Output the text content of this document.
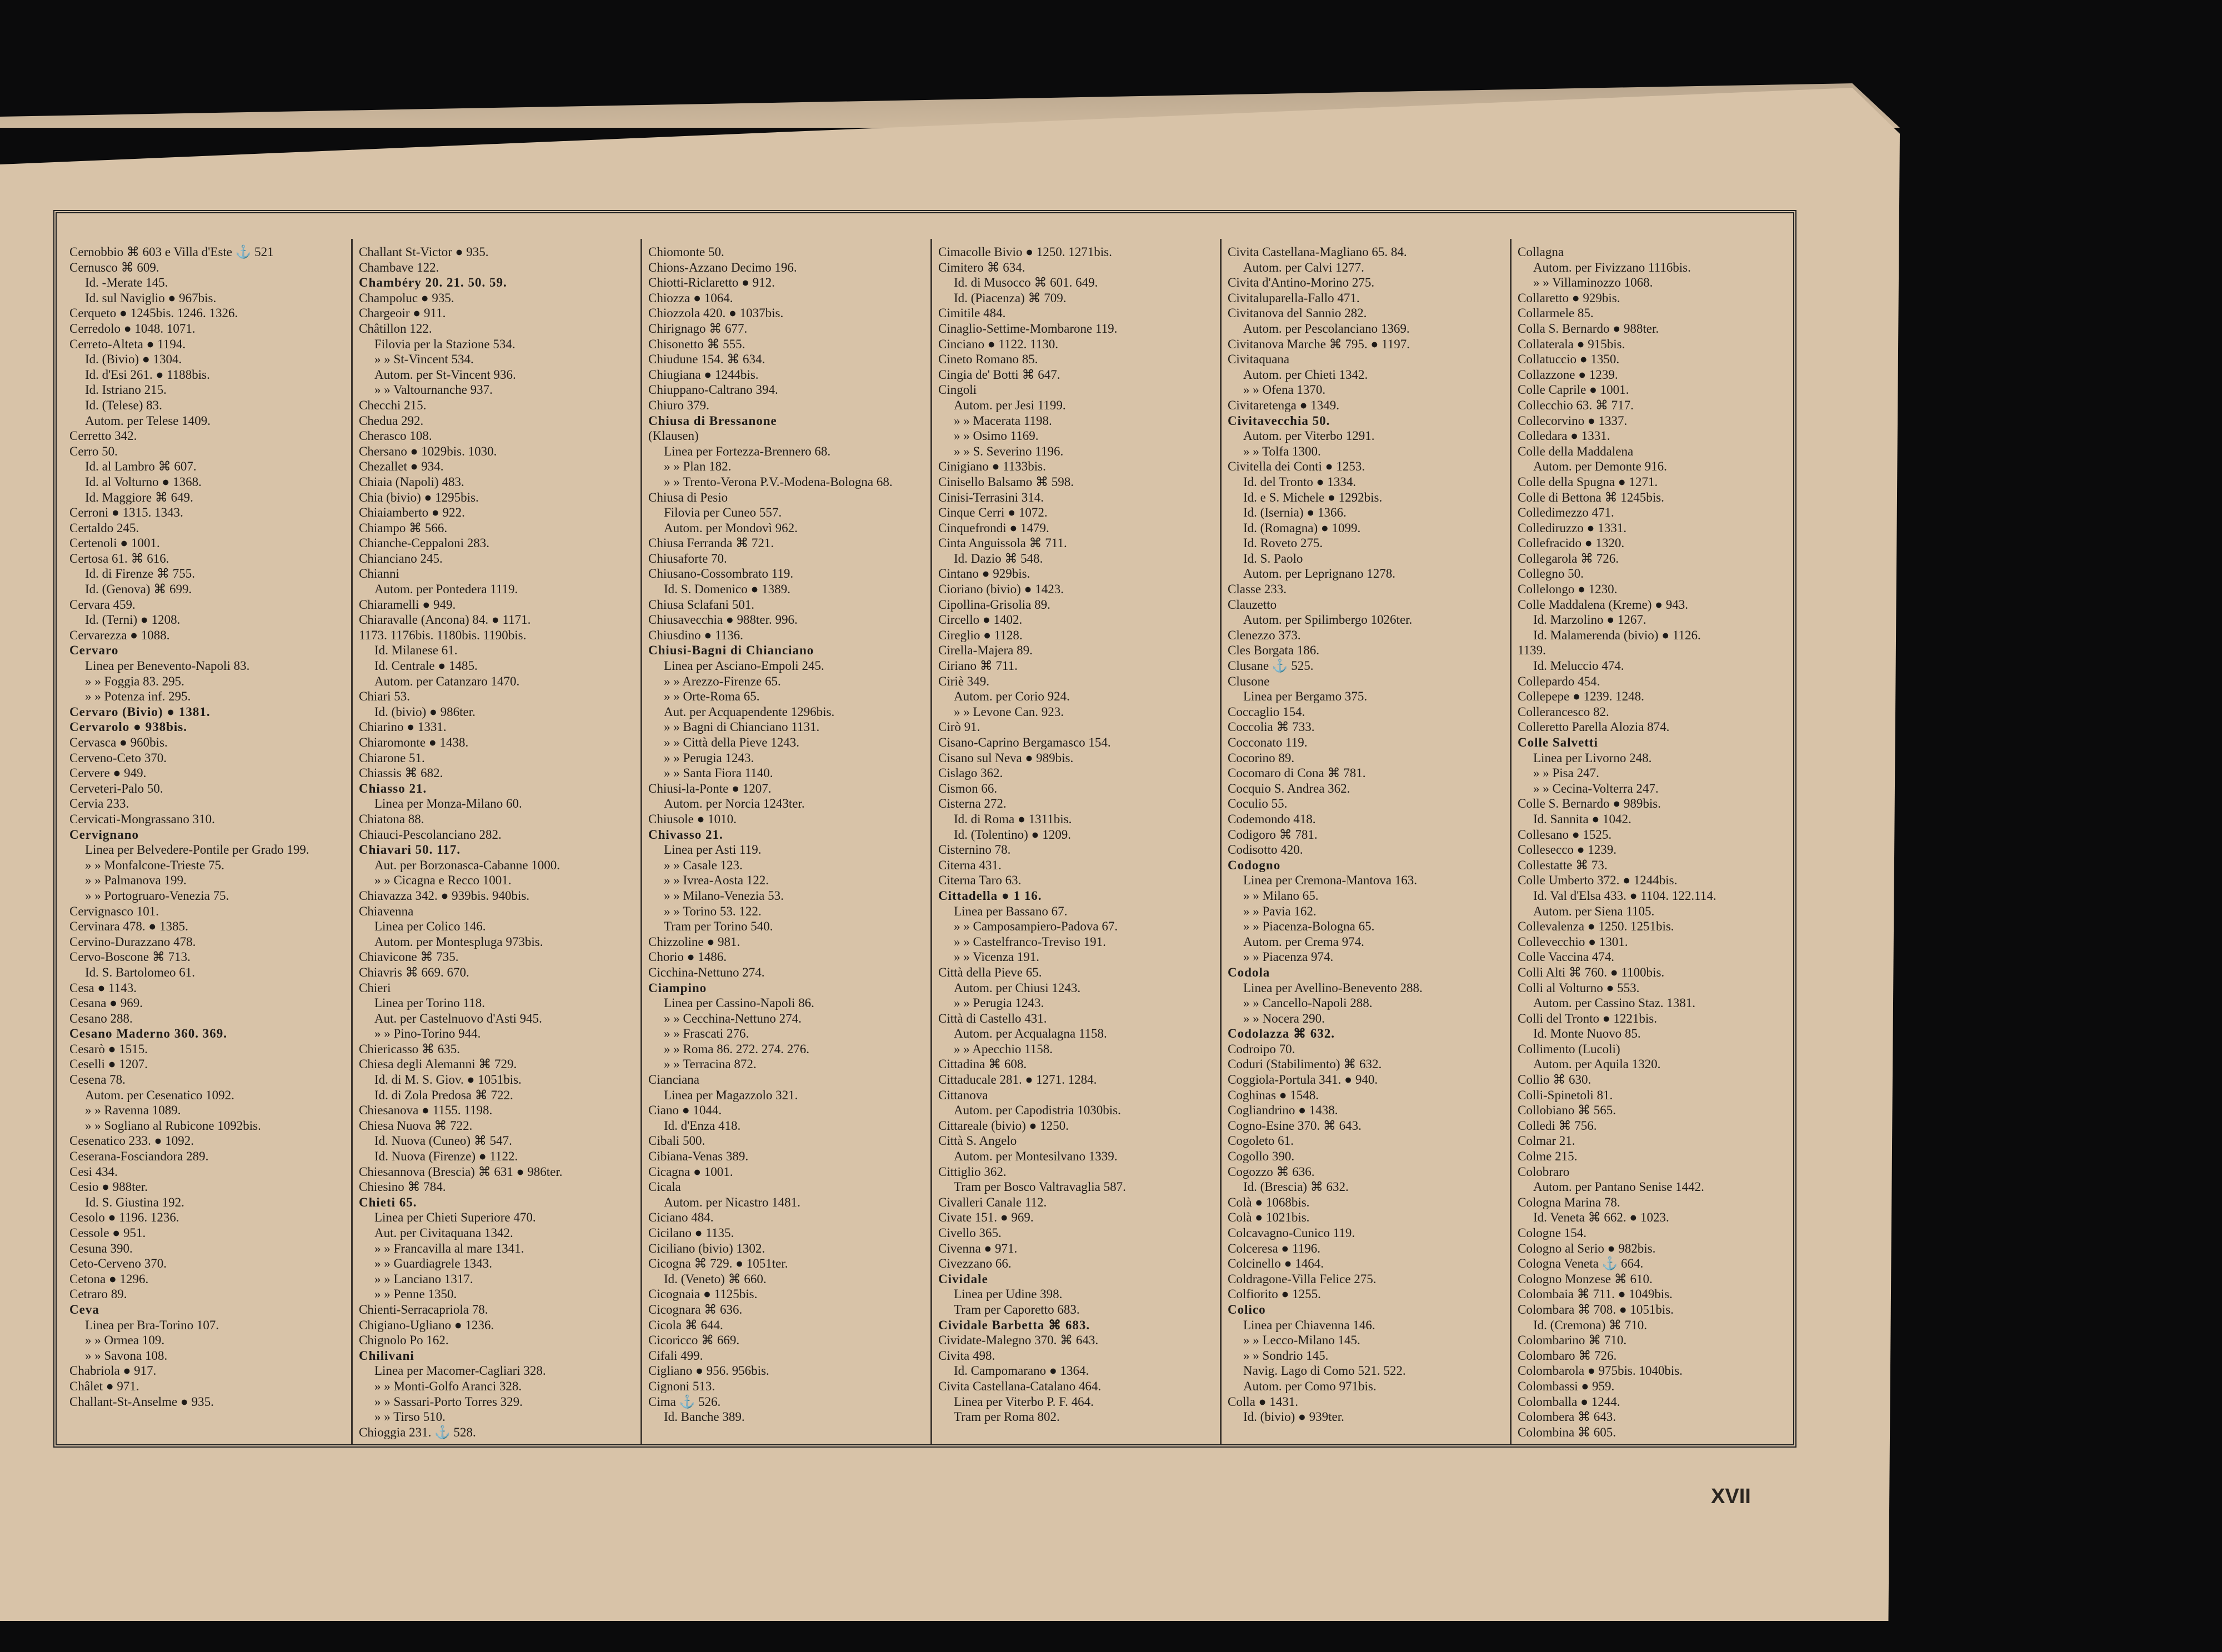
Cernobbio ⌘ 603 e Villa d'Este ⚓ 521
Cernusco ⌘ 609.
Id. -Merate 145.
Id. sul Naviglio ● 967bis.
Cerqueto ● 1245bis. 1246. 1326.
Cerredolo ● 1048. 1071.
Cerreto-Alteta ● 1194.
Id. (Bivio) ● 1304.
Id. d'Esi 261. ● 1188bis.
Id. Istriano 215.
Id. (Telese) 83.
Autom. per Telese 1409.
Cerretto 342.
Cerro 50.
Id. al Lambro ⌘ 607.
Id. al Volturno ● 1368.
Id. Maggiore ⌘ 649.
Cerroni ● 1315. 1343.
Certaldo 245.
Certenoli ● 1001.
Certosa 61. ⌘ 616.
Id. di Firenze ⌘ 755.
Id. (Genova) ⌘ 699.
Cervara 459.
Id. (Terni) ● 1208.
Cervarezza ● 1088.
Cervaro
Linea per Benevento-Napoli 83.
» » Foggia 83. 295.
» » Potenza inf. 295.
Cervaro (Bivio) ● 1381.
Cervarolo ● 938bis.
Cervasca ● 960bis.
Cerveno-Ceto 370.
Cervere ● 949.
Cerveteri-Palo 50.
Cervia 233.
Cervicati-Mongrassano 310.
Cervignano
Linea per Belvedere-Pontile per Grado 199.
» » Monfalcone-Trieste 75.
» » Palmanova 199.
» » Portogruaro-Venezia 75.
Cervignasco 101.
Cervinara 478. ● 1385.
Cervino-Durazzano 478.
Cervo-Boscone ⌘ 713.
Id. S. Bartolomeo 61.
Cesa ● 1143.
Cesana ● 969.
Cesano 288.
Cesano Maderno 360. 369.
Cesarò ● 1515.
Ceselli ● 1207.
Cesena 78.
Autom. per Cesenatico 1092.
» » Ravenna 1089.
» » Sogliano al Rubicone 1092bis.
Cesenatico 233. ● 1092.
Ceserana-Fosciandora 289.
Cesi 434.
Cesio ● 988ter.
Id. S. Giustina 192.
Cesolo ● 1196. 1236.
Cessole ● 951.
Cesuna 390.
Ceto-Cerveno 370.
Cetona ● 1296.
Cetraro 89.
Ceva
Linea per Bra-Torino 107.
» » Ormea 109.
» » Savona 108.
Chabriola ● 917.
Châlet ● 971.
Challant-St-Anselme ● 935.
Challant St-Victor ● 935.
Chambave 122.
Chambéry 20. 21. 50. 59.
Champoluc ● 935.
Chargeoir ● 911.
Châtillon 122.
Filovia per la Stazione 534.
» » St-Vincent 534.
Autom. per St-Vincent 936.
» » Valtournanche 937.
Checchi 215.
Chedua 292.
Cherasco 108.
Chersano ● 1029bis. 1030.
Chezallet ● 934.
Chiaia (Napoli) 483.
Chia (bivio) ● 1295bis.
Chiaiamberto ● 922.
Chiampo ⌘ 566.
Chianche-Ceppaloni 283.
Chianciano 245.
Chianni
Autom. per Pontedera 1119.
Chiaramelli ● 949.
Chiaravalle (Ancona) 84. ● 1171.
1173. 1176bis. 1180bis. 1190bis.
Id. Milanese 61.
Id. Centrale ● 1485.
Autom. per Catanzaro 1470.
Chiari 53.
Id. (bivio) ● 986ter.
Chiarino ● 1331.
Chiaromonte ● 1438.
Chiarone 51.
Chiassis ⌘ 682.
Chiasso 21.
Linea per Monza-Milano 60.
Chiatona 88.
Chiauci-Pescolanciano 282.
Chiavari 50. 117.
Aut. per Borzonasca-Cabanne 1000.
» » Cicagna e Recco 1001.
Chiavazza 342. ● 939bis. 940bis.
Chiavenna
Linea per Colico 146.
Autom. per Montespluga 973bis.
Chiavicone ⌘ 735.
Chiavris ⌘ 669. 670.
Chieri
Linea per Torino 118.
Aut. per Castelnuovo d'Asti 945.
» » Pino-Torino 944.
Chiericasso ⌘ 635.
Chiesa degli Alemanni ⌘ 729.
Id. di M. S. Giov. ● 1051bis.
Id. di Zola Predosa ⌘ 722.
Chiesanova ● 1155. 1198.
Chiesa Nuova ⌘ 722.
Id. Nuova (Cuneo) ⌘ 547.
Id. Nuova (Firenze) ● 1122.
Chiesannova (Brescia) ⌘ 631 ● 986ter.
Chiesino ⌘ 784.
Chieti 65.
Linea per Chieti Superiore 470.
Aut. per Civitaquana 1342.
» » Francavilla al mare 1341.
» » Guardiagrele 1343.
» » Lanciano 1317.
» » Penne 1350.
Chienti-Serracapriola 78.
Chigiano-Ugliano ● 1236.
Chignolo Po 162.
Chilivani
Linea per Macomer-Cagliari 328.
» » Monti-Golfo Aranci 328.
» » Sassari-Porto Torres 329.
» » Tirso 510.
Chioggia 231. ⚓ 528.
Chiomonte 50.
Chions-Azzano Decimo 196.
Chiotti-Riclaretto ● 912.
Chiozza ● 1064.
Chiozzola 420. ● 1037bis.
Chirignago ⌘ 677.
Chisonetto ⌘ 555.
Chiudune 154. ⌘ 634.
Chiugiana ● 1244bis.
Chiuppano-Caltrano 394.
Chiuro 379.
Chiusa di Bressanone
(Klausen)
Linea per Fortezza-Brennero 68.
» » Plan 182.
» » Trento-Verona P.V.-Modena-Bologna 68.
Chiusa di Pesio
Filovia per Cuneo 557.
Autom. per Mondovì 962.
Chiusa Ferranda ⌘ 721.
Chiusaforte 70.
Chiusano-Cossombrato 119.
Id. S. Domenico ● 1389.
Chiusa Sclafani 501.
Chiusavecchia ● 988ter. 996.
Chiusdino ● 1136.
Chiusi-Bagni di Chianciano
Linea per Asciano-Empoli 245.
» » Arezzo-Firenze 65.
» » Orte-Roma 65.
Aut. per Acquapendente 1296bis.
» » Bagni di Chianciano 1131.
» » Città della Pieve 1243.
» » Perugia 1243.
» » Santa Fiora 1140.
Chiusi-la-Ponte ● 1207.
Autom. per Norcia 1243ter.
Chiusole ● 1010.
Chivasso 21.
Linea per Asti 119.
» » Casale 123.
» » Ivrea-Aosta 122.
» » Milano-Venezia 53.
» » Torino 53. 122.
Tram per Torino 540.
Chizzoline ● 981.
Chorio ● 1486.
Cicchina-Nettuno 274.
Ciampino
Linea per Cassino-Napoli 86.
» » Cecchina-Nettuno 274.
» » Frascati 276.
» » Roma 86. 272. 274. 276.
» » Terracina 872.
Cianciana
Linea per Magazzolo 321.
Ciano ● 1044.
Id. d'Enza 418.
Cibali 500.
Cibiana-Venas 389.
Cicagna ● 1001.
Cicala
Autom. per Nicastro 1481.
Ciciano 484.
Cicilano ● 1135.
Ciciliano (bivio) 1302.
Cicogna ⌘ 729. ● 1051ter.
Id. (Veneto) ⌘ 660.
Cicognaia ● 1125bis.
Cicognara ⌘ 636.
Cicola ⌘ 644.
Cicoricco ⌘ 669.
Cifali 499.
Cigliano ● 956. 956bis.
Cignoni 513.
Cima ⚓ 526.
Id. Banche 389.
Cimacolle Bivio ● 1250. 1271bis.
Cimitero ⌘ 634.
Id. di Musocco ⌘ 601. 649.
Id. (Piacenza) ⌘ 709.
Cimitile 484.
Cinaglio-Settime-Mombarone 119.
Cinciano ● 1122. 1130.
Cineto Romano 85.
Cingia de' Botti ⌘ 647.
Cingoli
Autom. per Jesi 1199.
» » Macerata 1198.
» » Osimo 1169.
» » S. Severino 1196.
Cinigiano ● 1133bis.
Cinisello Balsamo ⌘ 598.
Cinisi-Terrasini 314.
Cinque Cerri ● 1072.
Cinquefrondi ● 1479.
Cinta Anguissola ⌘ 711.
Id. Dazio ⌘ 548.
Cintano ● 929bis.
Cioriano (bivio) ● 1423.
Cipollina-Grisolia 89.
Circello ● 1402.
Cireglio ● 1128.
Cirella-Majera 89.
Ciriano ⌘ 711.
Ciriè 349.
Autom. per Corio 924.
» » Levone Can. 923.
Cirò 91.
Cisano-Caprino Bergamasco 154.
Cisano sul Neva ● 989bis.
Cislago 362.
Cismon 66.
Cisterna 272.
Id. di Roma ● 1311bis.
Id. (Tolentino) ● 1209.
Cisternino 78.
Citerna 431.
Citerna Taro 63.
Cittadella ● 1 16.
Linea per Bassano 67.
» » Camposampiero-Padova 67.
» » Castelfranco-Treviso 191.
» » Vicenza 191.
Città della Pieve 65.
Autom. per Chiusi 1243.
» » Perugia 1243.
Città di Castello 431.
Autom. per Acqualagna 1158.
» » Apecchio 1158.
Cittadina ⌘ 608.
Cittaducale 281. ● 1271. 1284.
Cittanova
Autom. per Capodistria 1030bis.
Cittareale (bivio) ● 1250.
Città S. Angelo
Autom. per Montesilvano 1339.
Cittiglio 362.
Tram per Bosco Valtravaglia 587.
Civalleri Canale 112.
Civate 151. ● 969.
Civello 365.
Civenna ● 971.
Civezzano 66.
Cividale
Linea per Udine 398.
Tram per Caporetto 683.
Cividale Barbetta ⌘ 683.
Cividate-Malegno 370. ⌘ 643.
Civita 498.
Id. Campomarano ● 1364.
Civita Castellana-Catalano 464.
Linea per Viterbo P. F. 464.
Tram per Roma 802.
Civita Castellana-Magliano 65. 84.
Autom. per Calvi 1277.
Civita d'Antino-Morino 275.
Civitaluparella-Fallo 471.
Civitanova del Sannio 282.
Autom. per Pescolanciano 1369.
Civitanova Marche ⌘ 795. ● 1197.
Civitaquana
Autom. per Chieti 1342.
» » Ofena 1370.
Civitaretenga ● 1349.
Civitavecchia 50.
Autom. per Viterbo 1291.
» » Tolfa 1300.
Civitella dei Conti ● 1253.
Id. del Tronto ● 1334.
Id. e S. Michele ● 1292bis.
Id. (Isernia) ● 1366.
Id. (Romagna) ● 1099.
Id. Roveto 275.
Id. S. Paolo
Autom. per Leprignano 1278.
Classe 233.
Clauzetto
Autom. per Spilimbergo 1026ter.
Clenezzo 373.
Cles Borgata 186.
Clusane ⚓ 525.
Clusone
Linea per Bergamo 375.
Coccaglio 154.
Coccolia ⌘ 733.
Cocconato 119.
Cocorino 89.
Cocomaro di Cona ⌘ 781.
Cocquio S. Andrea 362.
Coculio 55.
Codemondo 418.
Codigoro ⌘ 781.
Codisotto 420.
Codogno
Linea per Cremona-Mantova 163.
» » Milano 65.
» » Pavia 162.
» » Piacenza-Bologna 65.
Autom. per Crema 974.
» » Piacenza 974.
Codola
Linea per Avellino-Benevento 288.
» » Cancello-Napoli 288.
» » Nocera 290.
Codolazza ⌘ 632.
Codroipo 70.
Coduri (Stabilimento) ⌘ 632.
Coggiola-Portula 341. ● 940.
Coghinas ● 1548.
Cogliandrino ● 1438.
Cogno-Esine 370. ⌘ 643.
Cogoleto 61.
Cogollo 390.
Cogozzo ⌘ 636.
Id. (Brescia) ⌘ 632.
Colà ● 1068bis.
Colà ● 1021bis.
Colcavagno-Cunico 119.
Colceresa ● 1196.
Colcinello ● 1464.
Coldragone-Villa Felice 275.
Colfiorito ● 1255.
Colico
Linea per Chiavenna 146.
» » Lecco-Milano 145.
» » Sondrio 145.
Navig. Lago di Como 521. 522.
Autom. per Como 971bis.
Colla ● 1431.
Id. (bivio) ● 939ter.
Collagna
Autom. per Fivizzano 1116bis.
» » Villaminozzo 1068.
Collaretto ● 929bis.
Collarmele 85.
Colla S. Bernardo ● 988ter.
Collaterala ● 915bis.
Collatuccio ● 1350.
Collazzone ● 1239.
Colle Caprile ● 1001.
Collecchio 63. ⌘ 717.
Collecorvino ● 1337.
Colledara ● 1331.
Colle della Maddalena
Autom. per Demonte 916.
Colle della Spugna ● 1271.
Colle di Bettona ⌘ 1245bis.
Colledimezzo 471.
Collediruzzo ● 1331.
Collefracido ● 1320.
Collegarola ⌘ 726.
Collegno 50.
Collelongo ● 1230.
Colle Maddalena (Kreme) ● 943.
Id. Marzolino ● 1267.
Id. Malamerenda (bivio) ● 1126.
1139.
Id. Meluccio 474.
Collepardo 454.
Collepepe ● 1239. 1248.
Collerancesco 82.
Colleretto Parella Alozia 874.
Colle Salvetti
Linea per Livorno 248.
» » Pisa 247.
» » Cecina-Volterra 247.
Colle S. Bernardo ● 989bis.
Id. Sannita ● 1042.
Collesano ● 1525.
Collesecco ● 1239.
Collestatte ⌘ 73.
Colle Umberto 372. ● 1244bis.
Id. Val d'Elsa 433. ● 1104. 122.114.
Autom. per Siena 1105.
Collevalenza ● 1250. 1251bis.
Collevecchio ● 1301.
Colle Vaccina 474.
Colli Alti ⌘ 760. ● 1100bis.
Colli al Volturno ● 553.
Autom. per Cassino Staz. 1381.
Colli del Tronto ● 1221bis.
Id. Monte Nuovo 85.
Collimento (Lucoli)
Autom. per Aquila 1320.
Collio ⌘ 630.
Colli-Spinetoli 81.
Collobiano ⌘ 565.
Colledi ⌘ 756.
Colmar 21.
Colme 215.
Colobraro
Autom. per Pantano Senise 1442.
Cologna Marina 78.
Id. Veneta ⌘ 662. ● 1023.
Cologne 154.
Cologno al Serio ● 982bis.
Cologna Veneta ⚓ 664.
Cologno Monzese ⌘ 610.
Colombaia ⌘ 711. ● 1049bis.
Colombara ⌘ 708. ● 1051bis.
Id. (Cremona) ⌘ 710.
Colombarino ⌘ 710.
Colombaro ⌘ 726.
Colombarola ● 975bis. 1040bis.
Colombassi ● 959.
Colomballa ● 1244.
Colombera ⌘ 643.
Colombina ⌘ 605.
XVII
